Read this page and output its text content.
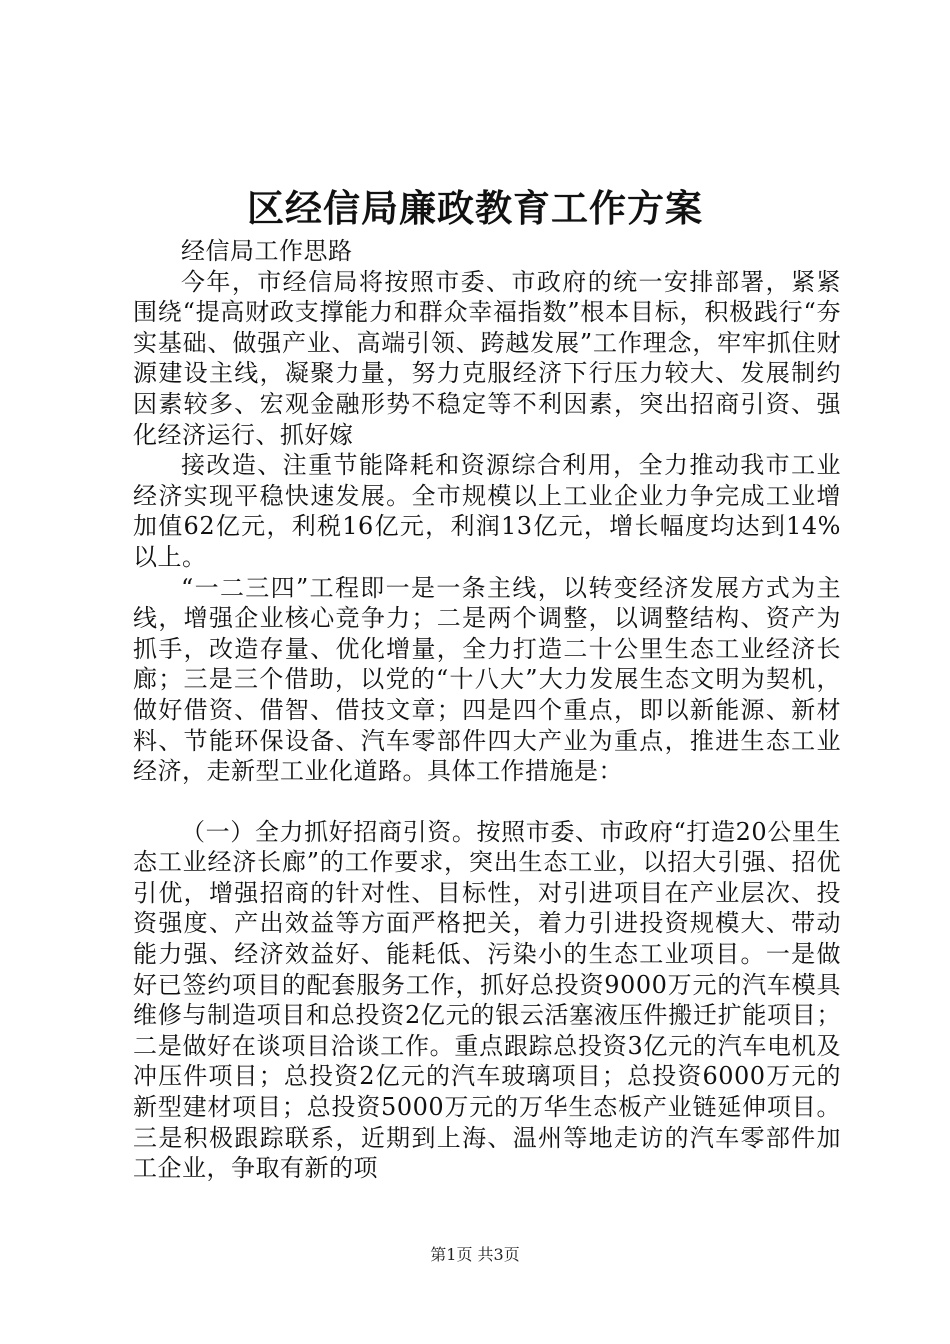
区经信局廉政教育工作方案

经信局工作思路

今年，市经信局将按照市委、市政府的统一安排部署，紧紧围绕“提高财政支撑能力和群众幸福指数”根本目标，积极践行“夯实基础、做强产业、高端引领、跨越发展”工作理念，牢牢抓住财源建设主线，凝聚力量，努力克服经济下行压力较大、发展制约因素较多、宏观金融形势不稳定等不利因素，突出招商引资、强化经济运行、抓好嫁

接改造、注重节能降耗和资源综合利用，全力推动我市工业经济实现平稳快速发展。全市规模以上工业企业力争完成工业增加值62亿元，利税16亿元，利润13亿元，增长幅度均达到14%以上。

“一二三四”工程即一是一条主线，以转变经济发展方式为主线，增强企业核心竞争力；二是两个调整，以调整结构、资产为抓手，改造存量、优化增量，全力打造二十公里生态工业经济长廊；三是三个借助，以党的“十八大”大力发展生态文明为契机，做好借资、借智、借技文章；四是四个重点，即以新能源、新材料、节能环保设备、汽车零部件四大产业为重点，推进生态工业经济，走新型工业化道路。具体工作措施是：

（一）全力抓好招商引资。按照市委、市政府“打造20公里生态工业经济长廊”的工作要求，突出生态工业，以招大引强、招优引优，增强招商的针对性、目标性，对引进项目在产业层次、投资强度、产出效益等方面严格把关，着力引进投资规模大、带动能力强、经济效益好、能耗低、污染小的生态工业项目。一是做好已签约项目的配套服务工作，抓好总投资9000万元的汽车模具维修与制造项目和总投资2亿元的银云活塞液压件搬迁扩能项目；二是做好在谈项目洽谈工作。重点跟踪总投资3亿元的汽车电机及冲压件项目；总投资2亿元的汽车玻璃项目；总投资6000万元的新型建材项目；总投资5000万元的万华生态板产业链延伸项目。三是积极跟踪联系，近期到上海、温州等地走访的汽车零部件加工企业，争取有新的项

第1页 共3页
